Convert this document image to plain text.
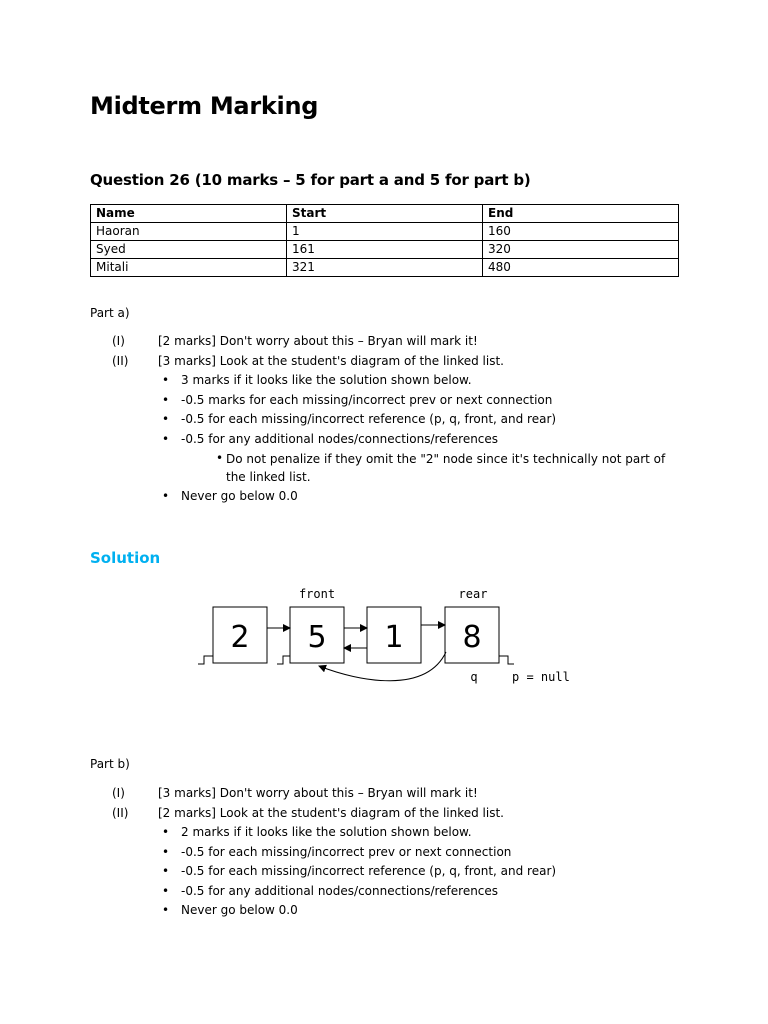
Midterm Marking
Question 26 (10 marks – 5 for part a and 5 for part b)
Name	Start	End
Haoran	1	160
Syed	161	320
Mitali	321	480
Part a)
(I)	[2 marks] Don't worry about this – Bryan will mark it!
(II) [3 marks] Look at the student's diagram of the linked list.
• 3 marks if it looks like the solution shown below.
• -0.5 marks for each missing/incorrect prev or next connection
• -0.5 for each missing/incorrect reference (p, q, front, and rear)
• -0.5 for any additional nodes/connections/references
• Do not penalize if they omit the "2" node since it's technically not part of the linked list.
• Never go below 0.0
Solution
front	rear
2 5 1 8
q	p = null
Part b)
(I)	[3 marks] Don't worry about this – Bryan will mark it!
(II) [2 marks] Look at the student's diagram of the linked list.
• 2 marks if it looks like the solution shown below.
• -0.5 for each missing/incorrect prev or next connection
• -0.5 for each missing/incorrect reference (p, q, front, and rear)
• -0.5 for any additional nodes/connections/references
• Never go below 0.0
